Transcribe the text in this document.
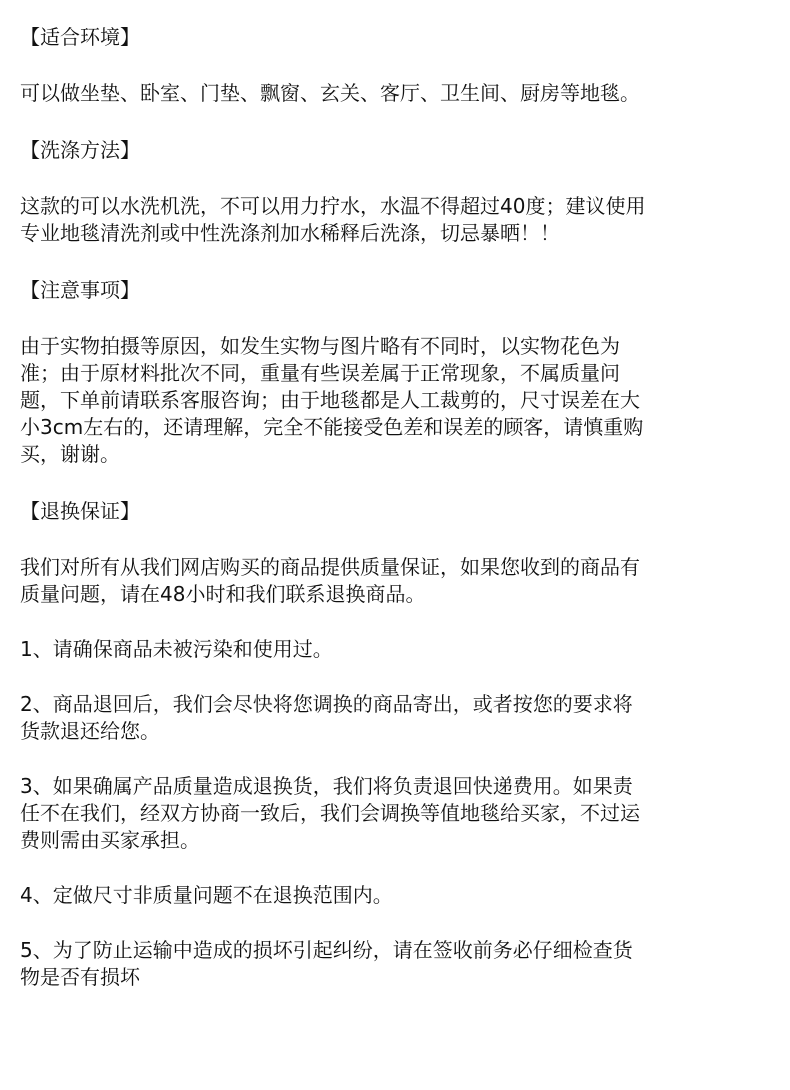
【适合环境】
可以做坐垫、卧室、门垫、飘窗、玄关、客厅、卫生间、厨房等地毯。
【洗涤方法】
这款的可以水洗机洗，不可以用力拧水，水温不得超过40度；建议使用
专业地毯清洗剂或中性洗涤剂加水稀释后洗涤，切忌暴晒！！
【注意事项】
由于实物拍摄等原因，如发生实物与图片略有不同时，以实物花色为
准；由于原材料批次不同，重量有些误差属于正常现象，不属质量问
题，下单前请联系客服咨询；由于地毯都是人工裁剪的，尺寸误差在大
小3cm左右的，还请理解，完全不能接受色差和误差的顾客，请慎重购
买，谢谢。
【退换保证】
我们对所有从我们网店购买的商品提供质量保证，如果您收到的商品有
质量问题，请在48小时和我们联系退换商品。
1、请确保商品未被污染和使用过。
2、商品退回后，我们会尽快将您调换的商品寄出，或者按您的要求将
货款退还给您。
3、如果确属产品质量造成退换货，我们将负责退回快递费用。如果责
任不在我们，经双方协商一致后，我们会调换等值地毯给买家，不过运
费则需由买家承担。
4、定做尺寸非质量问题不在退换范围内。
5、为了防止运输中造成的损坏引起纠纷，请在签收前务必仔细检查货
物是否有损坏
